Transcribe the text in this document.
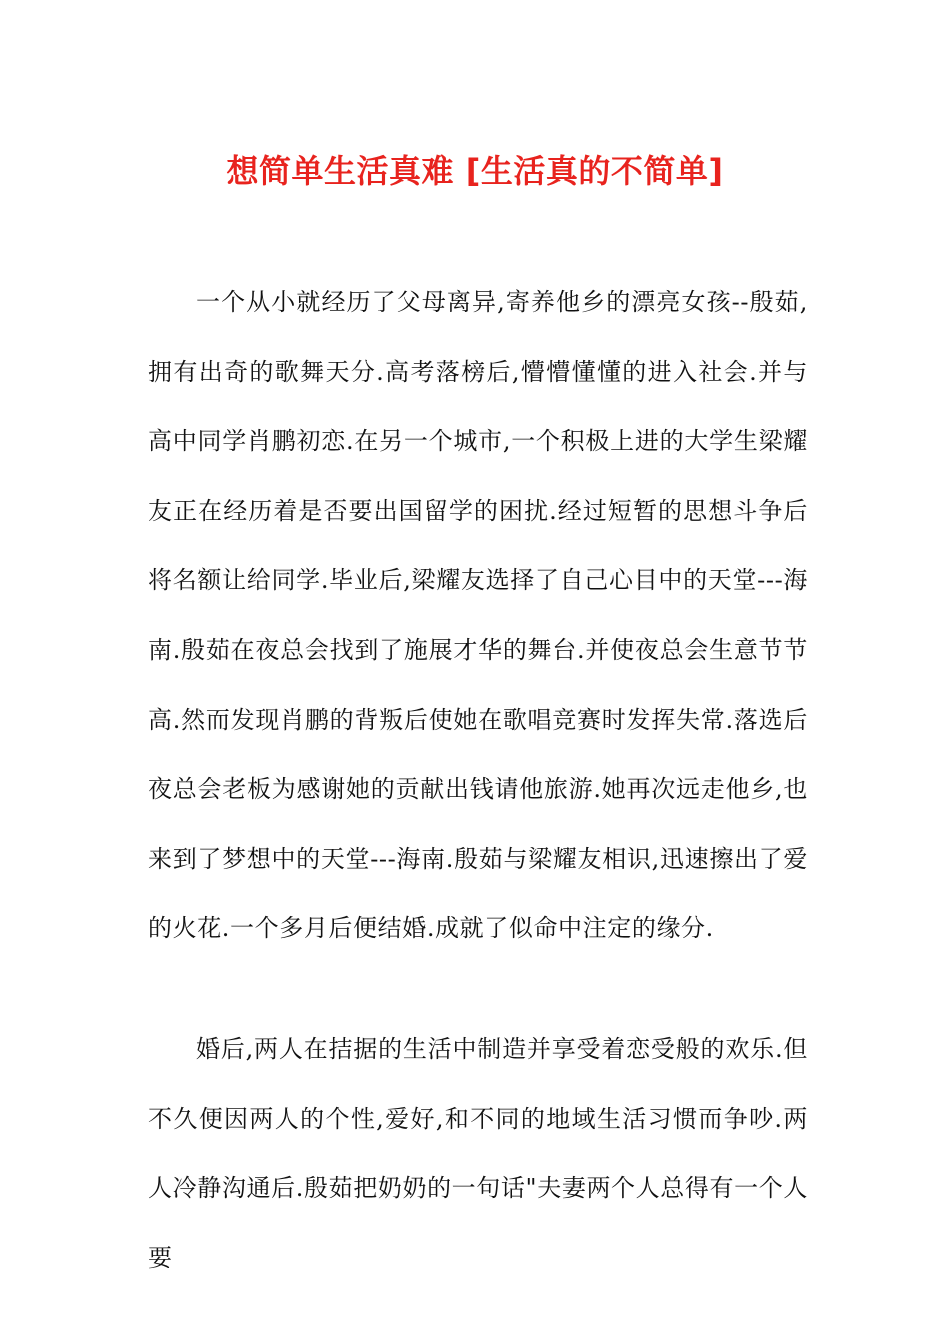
想简单生活真难 [生活真的不简单]

一个从小就经历了父母离异,寄养他乡的漂亮女孩--殷茹,拥有出奇的歌舞天分.高考落榜后,懵懵懂懂的进入社会.并与高中同学肖鹏初恋.在另一个城市,一个积极上进的大学生梁耀友正在经历着是否要出国留学的困扰.经过短暂的思想斗争后将名额让给同学.毕业后,梁耀友选择了自己心目中的天堂---海南.殷茹在夜总会找到了施展才华的舞台.并使夜总会生意节节高.然而发现肖鹏的背叛后使她在歌唱竞赛时发挥失常.落选后夜总会老板为感谢她的贡献出钱请他旅游.她再次远走他乡,也来到了梦想中的天堂---海南.殷茹与梁耀友相识,迅速擦出了爱的火花.一个多月后便结婚.成就了似命中注定的缘分.

婚后,两人在拮据的生活中制造并享受着恋受般的欢乐.但不久便因两人的个性,爱好,和不同的地域生活习惯而争吵.两人冷静沟通后.殷茹把奶奶的一句话"夫妻两个人总得有一个人要
